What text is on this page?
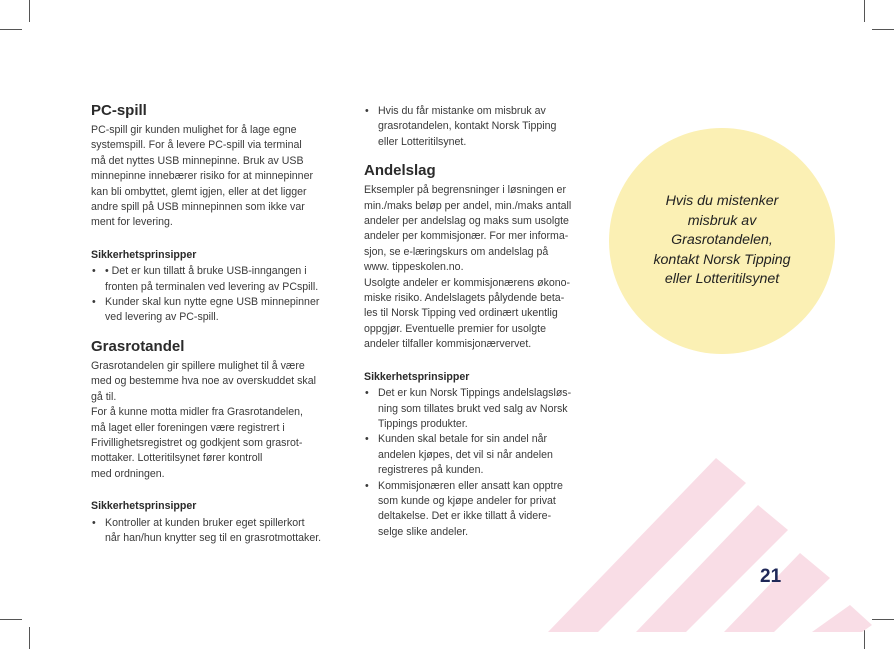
PC-spill

PC-spill gir kunden mulighet for å lage egne
systemspill. For å levere PC-spill via terminal
må det nyttes USB minnepinne. Bruk av USB
minnepinne innebærer risiko for at minnepinner
kan bli ombyttet, glemt igjen, eller at det ligger
andre spill på USB minnepinnen som ikke var
ment for levering.

Sikkerhetsprinsipper
• • Det er kun tillatt å bruke USB-inngangen i
fronten på terminalen ved levering av PCspill.
• Kunder skal kun nytte egne USB minnepinner
ved levering av PC-spill.
Grasrotandel

Grasrotandelen gir spillere mulighet til å være
med og bestemme hva noe av overskuddet skal
gå til.
For å kunne motta midler fra Grasrotandelen,
må laget eller foreningen være registrert i
Frivillighetsregistret og godkjent som grasrot-
mottaker. Lotteritilsynet fører kontroll
med ordningen.

Sikkerhetsprinsipper
• Kontroller at kunden bruker eget spillerkort
når han/hun knytter seg til en grasrotmottaker.
• Hvis du får mistanke om misbruk av
grasrotandelen, kontakt Norsk Tipping
eller Lotteritilsynet.
Andelslag

Eksempler på begrensninger i løsningen er
min./maks beløp per andel, min./maks antall
andeler per andelslag og maks sum usolgte
andeler per kommisjonær. For mer informa-
sjon, se e-læringskurs om andelslag på
www. tippeskolen.no.
Usolgte andeler er kommisjonærens økono-
miske risiko. Andelslagets pålydende beta-
les til Norsk Tipping ved ordinært ukentlig
oppgjør. Eventuelle premier for usolgte
andeler tilfaller kommisjonærvervet.

Sikkerhetsprinsipper
• Det er kun Norsk Tippings andelslagsløs-
ning som tillates brukt ved salg av Norsk
Tippings produkter.
• Kunden skal betale for sin andel når
andelen kjøpes, det vil si når andelen
registreres på kunden.
• Kommisjonæren eller ansatt kan opptre
som kunde og kjøpe andeler for privat
deltakelse. Det er ikke tillatt å videre-
selge slike andeler.
Hvis du mistenker
misbruk av
Grasrotandelen,
kontakt Norsk Tipping
eller Lotteritilsynet
21
